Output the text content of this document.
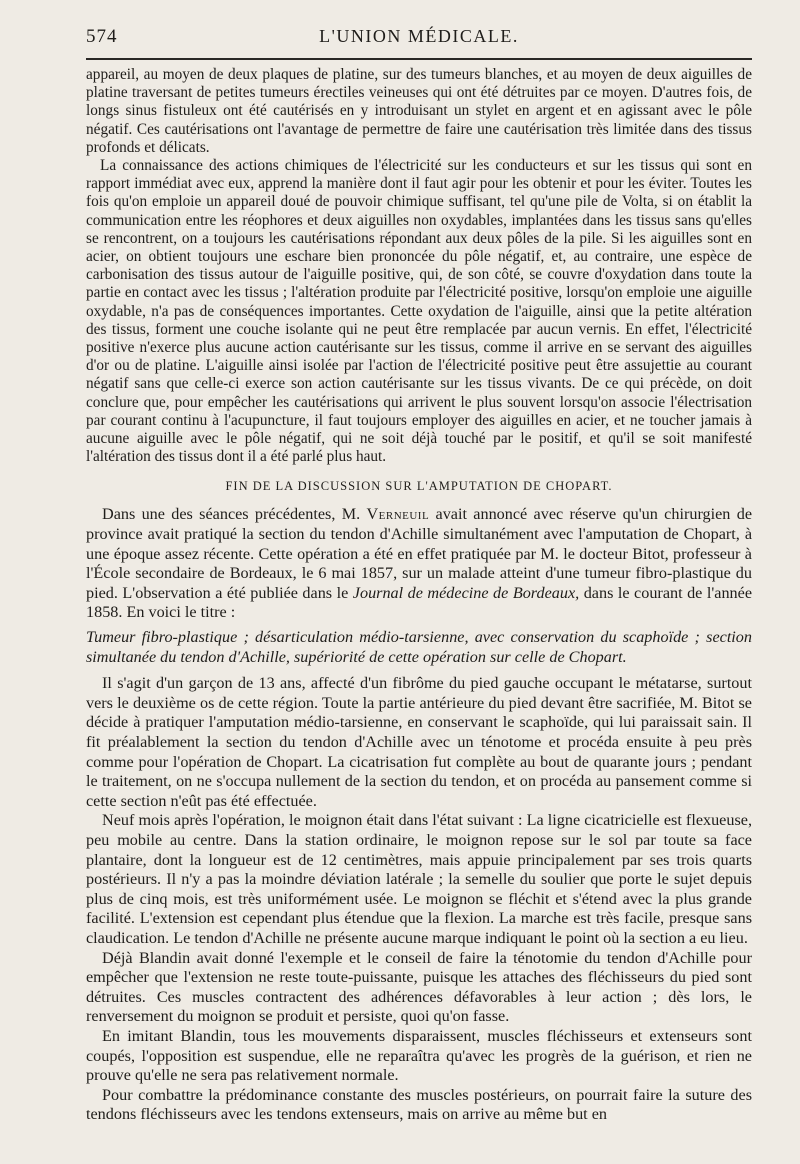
574	L'UNION MÉDICALE.

appareil, au moyen de deux plaques de platine, sur des tumeurs blanches, et au moyen de deux aiguilles de platine traversant de petites tumeurs érectiles veineuses qui ont été détruites par ce moyen. D'autres fois, de longs sinus fistuleux ont été cautérisés en y introduisant un stylet en argent et en agissant avec le pôle négatif. Ces cautérisations ont l'avantage de permettre de faire une cautérisation très limitée dans des tissus profonds et délicats.

La connaissance des actions chimiques de l'électricité sur les conducteurs et sur les tissus qui sont en rapport immédiat avec eux, apprend la manière dont il faut agir pour les obtenir et pour les éviter. Toutes les fois qu'on emploie un appareil doué de pouvoir chimique suffisant, tel qu'une pile de Volta, si on établit la communication entre les réophores et deux aiguilles non oxydables, implantées dans les tissus sans qu'elles se rencontrent, on a toujours les cautérisations répondant aux deux pôles de la pile. Si les aiguilles sont en acier, on obtient toujours une eschare bien prononcée du pôle négatif, et, au contraire, une espèce de carbonisation des tissus autour de l'aiguille positive, qui, de son côté, se couvre d'oxydation dans toute la partie en contact avec les tissus ; l'altération produite par l'électricité positive, lorsqu'on emploie une aiguille oxydable, n'a pas de conséquences importantes. Cette oxydation de l'aiguille, ainsi que la petite altération des tissus, forment une couche isolante qui ne peut être remplacée par aucun vernis. En effet, l'électricité positive n'exerce plus aucune action cautérisante sur les tissus, comme il arrive en se servant des aiguilles d'or ou de platine. L'aiguille ainsi isolée par l'action de l'électricité positive peut être assujettie au courant négatif sans que celle-ci exerce son action cautérisante sur les tissus vivants. De ce qui précède, on doit conclure que, pour empêcher les cautérisations qui arrivent le plus souvent lorsqu'on associe l'électrisation par courant continu à l'acupuncture, il faut toujours employer des aiguilles en acier, et ne toucher jamais à aucune aiguille avec le pôle négatif, qui ne soit déjà touché par le positif, et qu'il se soit manifesté l'altération des tissus dont il a été parlé plus haut.

FIN DE LA DISCUSSION SUR L'AMPUTATION DE CHOPART.

Dans une des séances précédentes, M. Verneuil avait annoncé avec réserve qu'un chirurgien de province avait pratiqué la section du tendon d'Achille simultanément avec l'amputation de Chopart, à une époque assez récente. Cette opération a été en effet pratiquée par M. le docteur Bitot, professeur à l'École secondaire de Bordeaux, le 6 mai 1857, sur un malade atteint d'une tumeur fibro-plastique du pied. L'observation a été publiée dans le Journal de médecine de Bordeaux, dans le courant de l'année 1858. En voici le titre :

Tumeur fibro-plastique ; désarticulation médio-tarsienne, avec conservation du scaphoïde ; section simultanée du tendon d'Achille, supériorité de cette opération sur celle de Chopart.

Il s'agit d'un garçon de 13 ans, affecté d'un fibrôme du pied gauche occupant le métatarse, surtout vers le deuxième os de cette région. Toute la partie antérieure du pied devant être sacrifiée, M. Bitot se décide à pratiquer l'amputation médio-tarsienne, en conservant le scaphoïde, qui lui paraissait sain. Il fit préalablement la section du tendon d'Achille avec un ténotome et procéda ensuite à peu près comme pour l'opération de Chopart. La cicatrisation fut complète au bout de quarante jours ; pendant le traitement, on ne s'occupa nullement de la section du tendon, et on procéda au pansement comme si cette section n'eût pas été effectuée.

Neuf mois après l'opération, le moignon était dans l'état suivant : La ligne cicatricielle est flexueuse, peu mobile au centre. Dans la station ordinaire, le moignon repose sur le sol par toute sa face plantaire, dont la longueur est de 12 centimètres, mais appuie principalement par ses trois quarts postérieurs. Il n'y a pas la moindre déviation latérale ; la semelle du soulier que porte le sujet depuis plus de cinq mois, est très uniformément usée. Le moignon se fléchit et s'étend avec la plus grande facilité. L'extension est cependant plus étendue que la flexion. La marche est très facile, presque sans claudication. Le tendon d'Achille ne présente aucune marque indiquant le point où la section a eu lieu.

Déjà Blandin avait donné l'exemple et le conseil de faire la ténotomie du tendon d'Achille pour empêcher que l'extension ne reste toute-puissante, puisque les attaches des fléchisseurs du pied sont détruites. Ces muscles contractent des adhérences défavorables à leur action ; dès lors, le renversement du moignon se produit et persiste, quoi qu'on fasse.

En imitant Blandin, tous les mouvements disparaissent, muscles fléchisseurs et extenseurs sont coupés, l'opposition est suspendue, elle ne reparaîtra qu'avec les progrès de la guérison, et rien ne prouve qu'elle ne sera pas relativement normale.

Pour combattre la prédominance constante des muscles postérieurs, on pourrait faire la suture des tendons fléchisseurs avec les tendons extenseurs, mais on arrive au même but en
